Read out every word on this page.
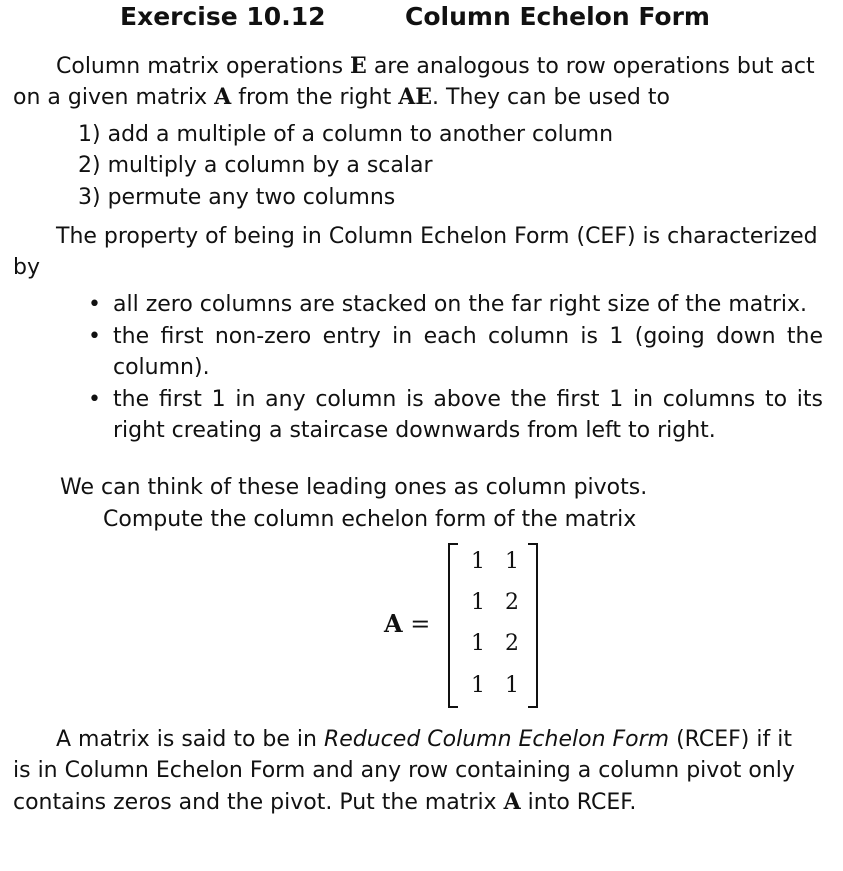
Exercise 10.12	Column Echelon Form
Column matrix operations E are analogous to row operations but act
on a given matrix A from the right AE. They can be used to
1) add a multiple of a column to another column
2) multiply a column by a scalar
3) permute any two columns
The property of being in Column Echelon Form (CEF) is characterized
by
• all zero columns are stacked on the far right size of the matrix.
• the first non-zero entry in each column is 1 (going down the
column).
• the first 1 in any column is above the first 1 in columns to its
right creating a staircase downwards from left to right.
We can think of these leading ones as column pivots.
Compute the column echelon form of the matrix
A =
1 1
1 2
1 2
1 1
A matrix is said to be in Reduced Column Echelon Form (RCEF) if it
is in Column Echelon Form and any row containing a column pivot only
contains zeros and the pivot. Put the matrix A into RCEF.
